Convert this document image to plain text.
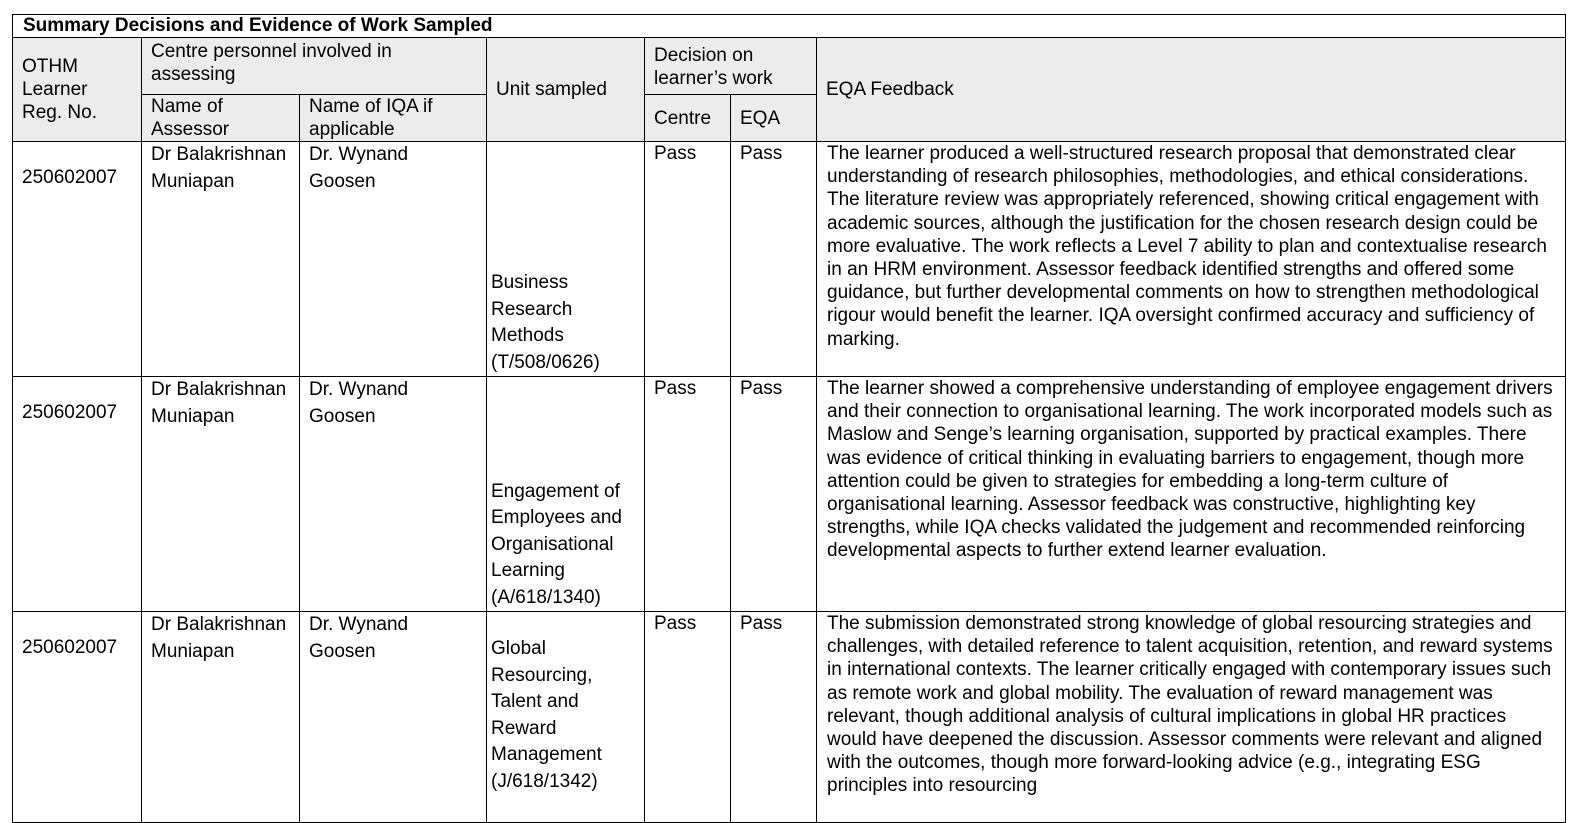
Summary Decisions and Evidence of Work Sampled						
OTHM Learner Reg. No.	Centre personnel involved in assessing		Unit sampled	Decision on learner’s work		EQA Feedback
	Name of Assessor	Name of IQA if applicable		Centre	EQA	
250602007	Dr Balakrishnan Muniapan	Dr. Wynand Goosen	Business Research Methods (T/508/0626)	Pass	Pass	The learner produced a well-structured research proposal that demonstrated clear understanding of research philosophies, methodologies, and ethical considerations. The literature review was appropriately referenced, showing critical engagement with academic sources, although the justification for the chosen research design could be more evaluative. The work reflects a Level 7 ability to plan and contextualise research in an HRM environment. Assessor feedback identified strengths and offered some guidance, but further developmental comments on how to strengthen methodological rigour would benefit the learner. IQA oversight confirmed accuracy and sufficiency of marking.
250602007	Dr Balakrishnan Muniapan	Dr. Wynand Goosen	Engagement of Employees and Organisational Learning (A/618/1340)	Pass	Pass	The learner showed a comprehensive understanding of employee engagement drivers and their connection to organisational learning. The work incorporated models such as Maslow and Senge’s learning organisation, supported by practical examples. There was evidence of critical thinking in evaluating barriers to engagement, though more attention could be given to strategies for embedding a long-term culture of organisational learning. Assessor feedback was constructive, highlighting key strengths, while IQA checks validated the judgement and recommended reinforcing developmental aspects to further extend learner evaluation.
250602007	Dr Balakrishnan Muniapan	Dr. Wynand Goosen	Global Resourcing, Talent and Reward Management (J/618/1342)	Pass	Pass	The submission demonstrated strong knowledge of global resourcing strategies and challenges, with detailed reference to talent acquisition, retention, and reward systems in international contexts. The learner critically engaged with contemporary issues such as remote work and global mobility. The evaluation of reward management was relevant, though additional analysis of cultural implications in global HR practices would have deepened the discussion. Assessor comments were relevant and aligned with the outcomes, though more forward-looking advice (e.g., integrating ESG principles into resourcing
